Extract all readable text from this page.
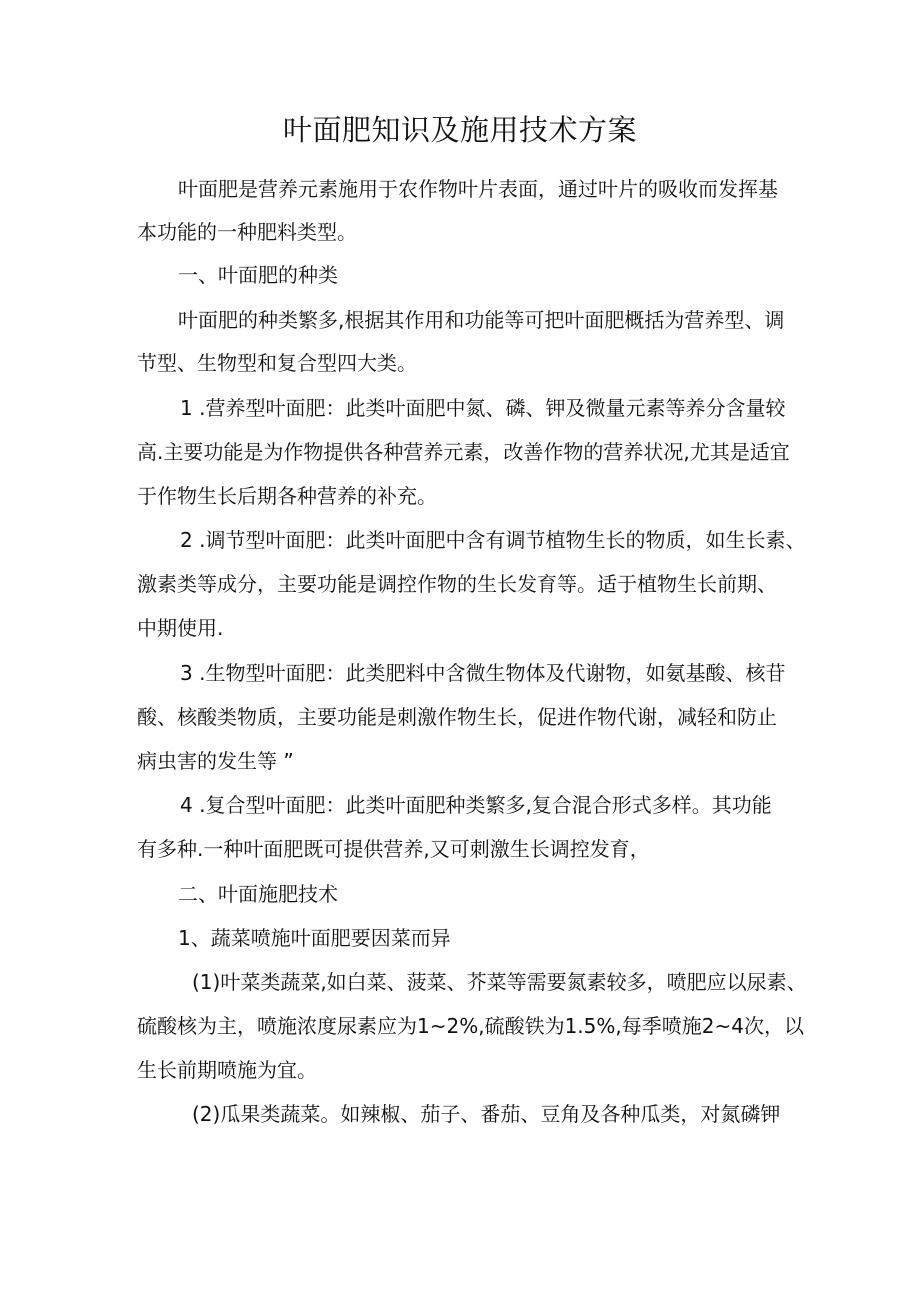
叶面肥知识及施用技术方案

叶面肥是营养元素施用于农作物叶片表面，通过叶片的吸收而发挥基

本功能的一种肥料类型。

一、叶面肥的种类

叶面肥的种类繁多,根据其作用和功能等可把叶面肥概括为营养型、调

节型、生物型和复合型四大类。

1 .营养型叶面肥：此类叶面肥中氮、磷、钾及微量元素等养分含量较

高.主要功能是为作物提供各种营养元素，改善作物的营养状况,尤其是适宜

于作物生长后期各种营养的补充。

2 .调节型叶面肥：此类叶面肥中含有调节植物生长的物质，如生长素、

激素类等成分，主要功能是调控作物的生长发育等。适于植物生长前期、

中期使用.

3 .生物型叶面肥：此类肥料中含微生物体及代谢物，如氨基酸、核苷

酸、核酸类物质，主要功能是刺激作物生长，促进作物代谢，减轻和防止

病虫害的发生等 ”

4 .复合型叶面肥：此类叶面肥种类繁多,复合混合形式多样。其功能

有多种.一种叶面肥既可提供营养,又可刺激生长调控发育，

二、叶面施肥技术

1、蔬菜喷施叶面肥要因菜而异

(1)叶菜类蔬菜,如白菜、菠菜、芥菜等需要氮素较多，喷肥应以尿素、

硫酸核为主，喷施浓度尿素应为1~2%,硫酸铁为1.5%,每季喷施2~4次，以

生长前期喷施为宜。

(2)瓜果类蔬菜。如辣椒、茄子、番茄、豆角及各种瓜类，对氮磷钾
